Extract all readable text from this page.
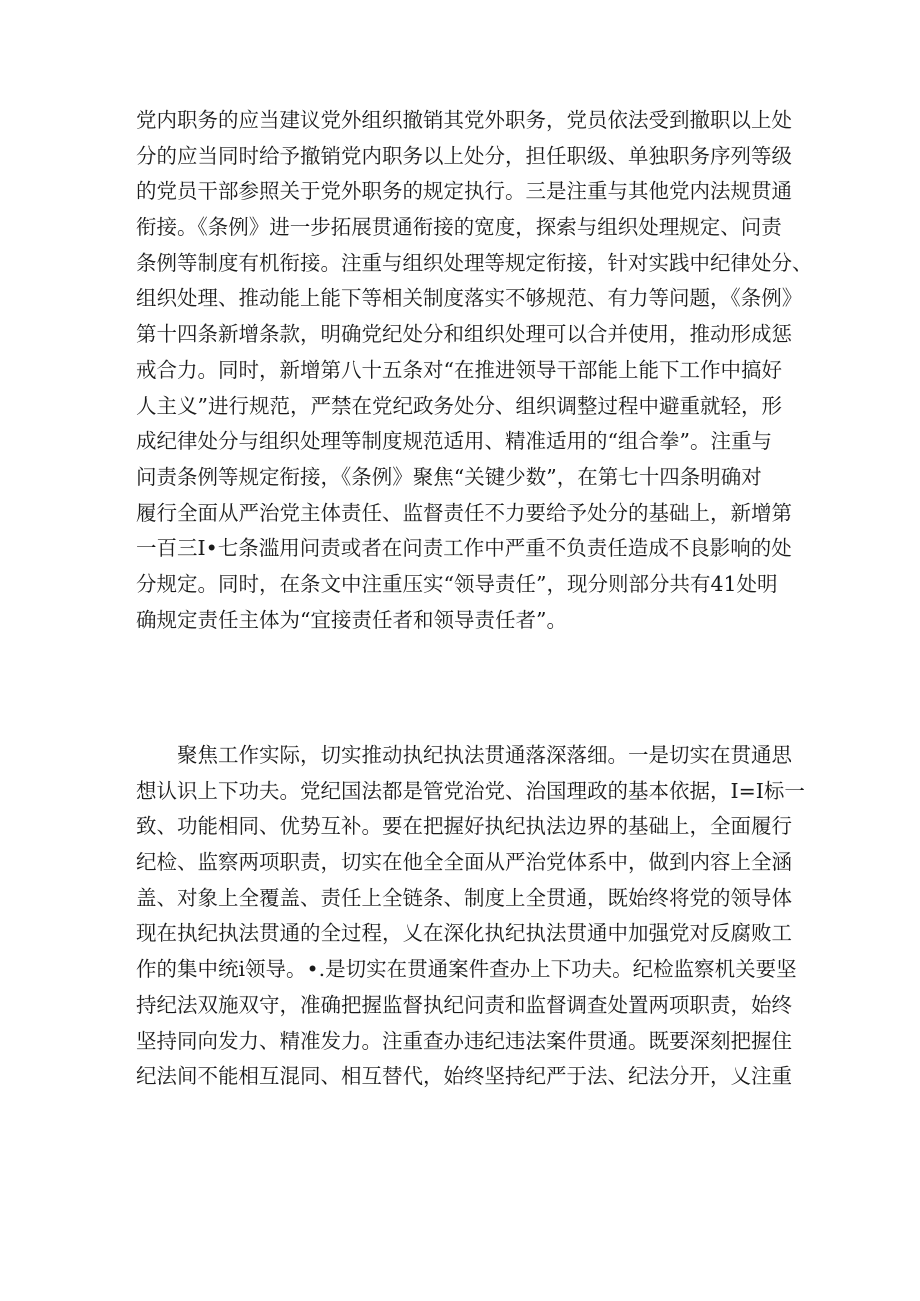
党内职务的应当建议党外组织撤销其党外职务，党员依法受到撤职以上处
分的应当同时给予撤销党内职务以上处分，担任职级、单独职务序列等级
的党员干部参照关于党外职务的规定执行。三是注重与其他党内法规贯通
衔接。《条例》进一步拓展贯通衔接的宽度，探索与组织处理规定、问责
条例等制度有机衔接。注重与组织处理等规定衔接，针对实践中纪律处分、
组织处理、推动能上能下等相关制度落实不够规范、有力等问题，《条例》
第十四条新增条款，明确党纪处分和组织处理可以合并使用，推动形成惩
戒合力。同时，新增第八十五条对“在推进领导干部能上能下工作中搞好
人主义”进行规范，严禁在党纪政务处分、组织调整过程中避重就轻，形
成纪律处分与组织处理等制度规范适用、精准适用的“组合拳”。注重与
问责条例等规定衔接，《条例》聚焦“关键少数”，在第七十四条明确对
履行全面从严治党主体责任、监督责任不力要给予处分的基础上，新增第
一百三I•七条滥用问责或者在问责工作中严重不负责任造成不良影响的处
分规定。同时，在条文中注重压实“领导责任”，现分则部分共有41处明
确规定责任主体为“宜接责任者和领导责任者”。
聚焦工作实际，切实推动执纪执法贯通落深落细。一是切实在贯通思
想认识上下功夫。党纪国法都是管党治党、治国理政的基本依据，I=I标一
致、功能相同、优势互补。要在把握好执纪执法边界的基础上，全面履行
纪检、监察两项职责，切实在他全全面从严治党体系中，做到内容上全涵
盖、对象上全覆盖、责任上全链条、制度上全贯通，既始终将党的领导体
现在执纪执法贯通的全过程，乂在深化执纪执法贯通中加强党对反腐败工
作的集中统i领导。•.是切实在贯通案件查办上下功夫。纪检监察机关要坚
持纪法双施双守，准确把握监督执纪问责和监督调查处置两项职责，始终
坚持同向发力、精准发力。注重查办违纪违法案件贯通。既要深刻把握住
纪法间不能相互混同、相互替代，始终坚持纪严于法、纪法分开，乂注重
